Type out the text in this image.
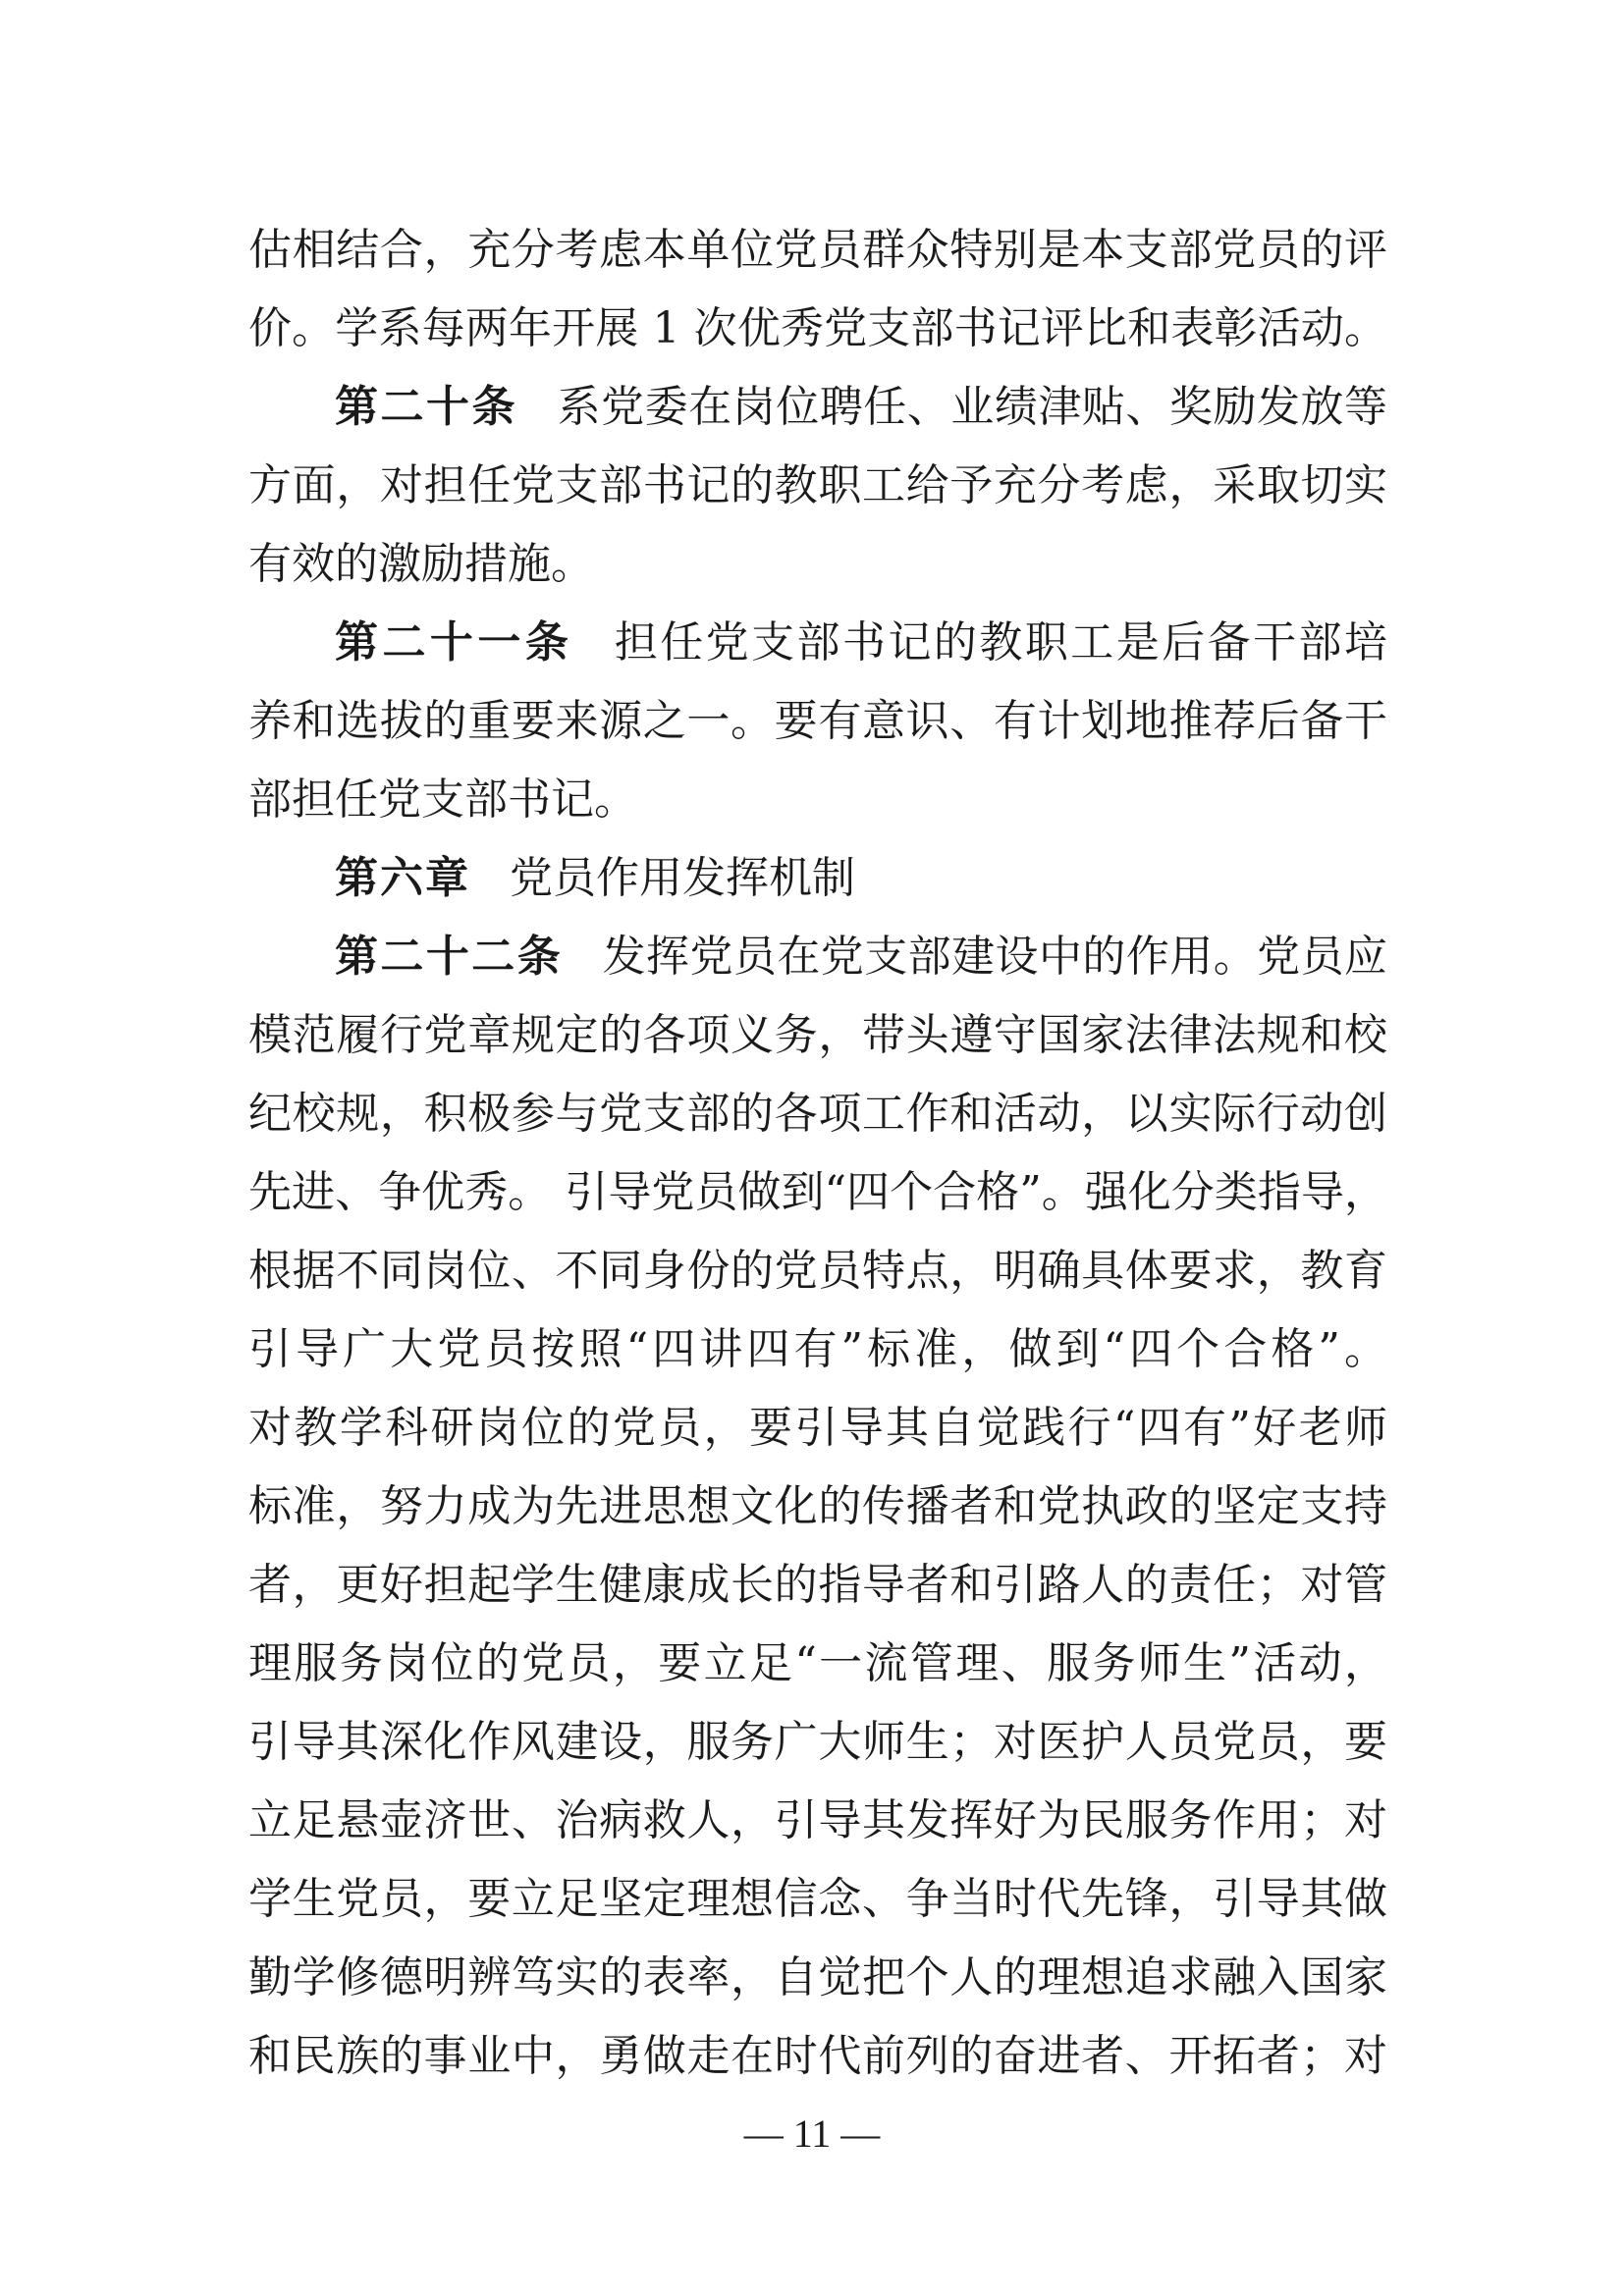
估相结合，充分考虑本单位党员群众特别是本支部党员的评
价。学系每两年开展 1 次优秀党支部书记评比和表彰活动。
第二十条 系党委在岗位聘任、业绩津贴、奖励发放等
方面，对担任党支部书记的教职工给予充分考虑，采取切实
有效的激励措施。
第二十一条 担任党支部书记的教职工是后备干部培
养和选拔的重要来源之一。要有意识、有计划地推荐后备干
部担任党支部书记。
第六章 党员作用发挥机制
第二十二条 发挥党员在党支部建设中的作用。党员应
模范履行党章规定的各项义务，带头遵守国家法律法规和校
纪校规，积极参与党支部的各项工作和活动，以实际行动创
先进、争优秀。 引导党员做到“四个合格”。强化分类指导，
根据不同岗位、不同身份的党员特点，明确具体要求，教育
引导广大党员按照“四讲四有”标准，做到“四个合格”。
对教学科研岗位的党员，要引导其自觉践行“四有”好老师
标准，努力成为先进思想文化的传播者和党执政的坚定支持
者，更好担起学生健康成长的指导者和引路人的责任；对管
理服务岗位的党员，要立足“一流管理、服务师生”活动，
引导其深化作风建设，服务广大师生；对医护人员党员，要
立足悬壶济世、治病救人，引导其发挥好为民服务作用；对
学生党员，要立足坚定理想信念、争当时代先锋，引导其做
勤学修德明辨笃实的表率，自觉把个人的理想追求融入国家
和民族的事业中，勇做走在时代前列的奋进者、开拓者；对
— 11 —
